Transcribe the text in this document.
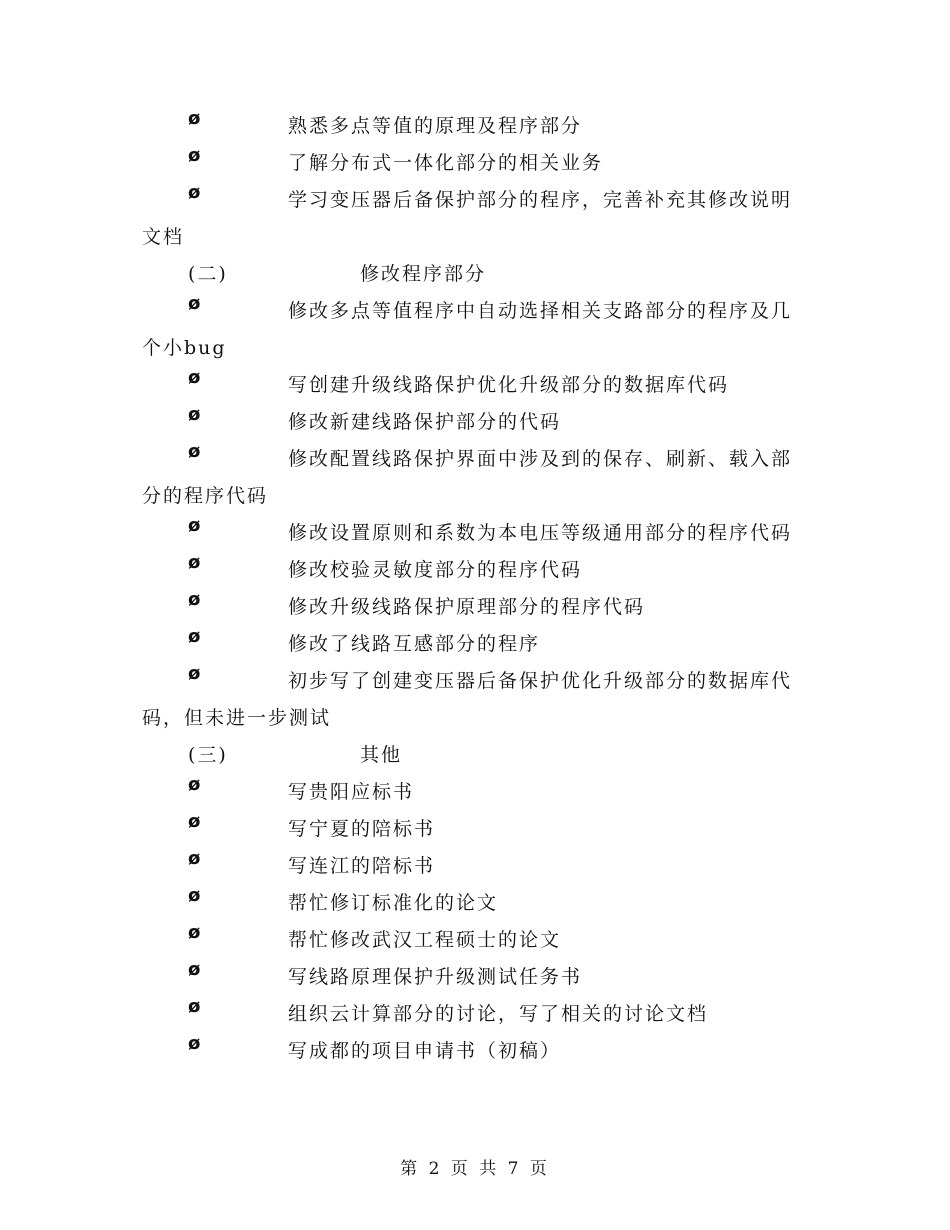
ø	熟悉多点等值的原理及程序部分
ø	了解分布式一体化部分的相关业务
ø	学习变压器后备保护部分的程序，完善补充其修改说明文档
(二)	修改程序部分
ø	修改多点等值程序中自动选择相关支路部分的程序及几个小bug
ø	写创建升级线路保护优化升级部分的数据库代码
ø	修改新建线路保护部分的代码
ø	修改配置线路保护界面中涉及到的保存、刷新、载入部分的程序代码
ø	修改设置原则和系数为本电压等级通用部分的程序代码
ø	修改校验灵敏度部分的程序代码
ø	修改升级线路保护原理部分的程序代码
ø	修改了线路互感部分的程序
ø	初步写了创建变压器后备保护优化升级部分的数据库代码，但未进一步测试
(三)	其他
ø	写贵阳应标书
ø	写宁夏的陪标书
ø	写连江的陪标书
ø	帮忙修订标准化的论文
ø	帮忙修改武汉工程硕士的论文
ø	写线路原理保护升级测试任务书
ø	组织云计算部分的讨论，写了相关的讨论文档
ø	写成都的项目申请书（初稿）
第 2 页 共 7 页
